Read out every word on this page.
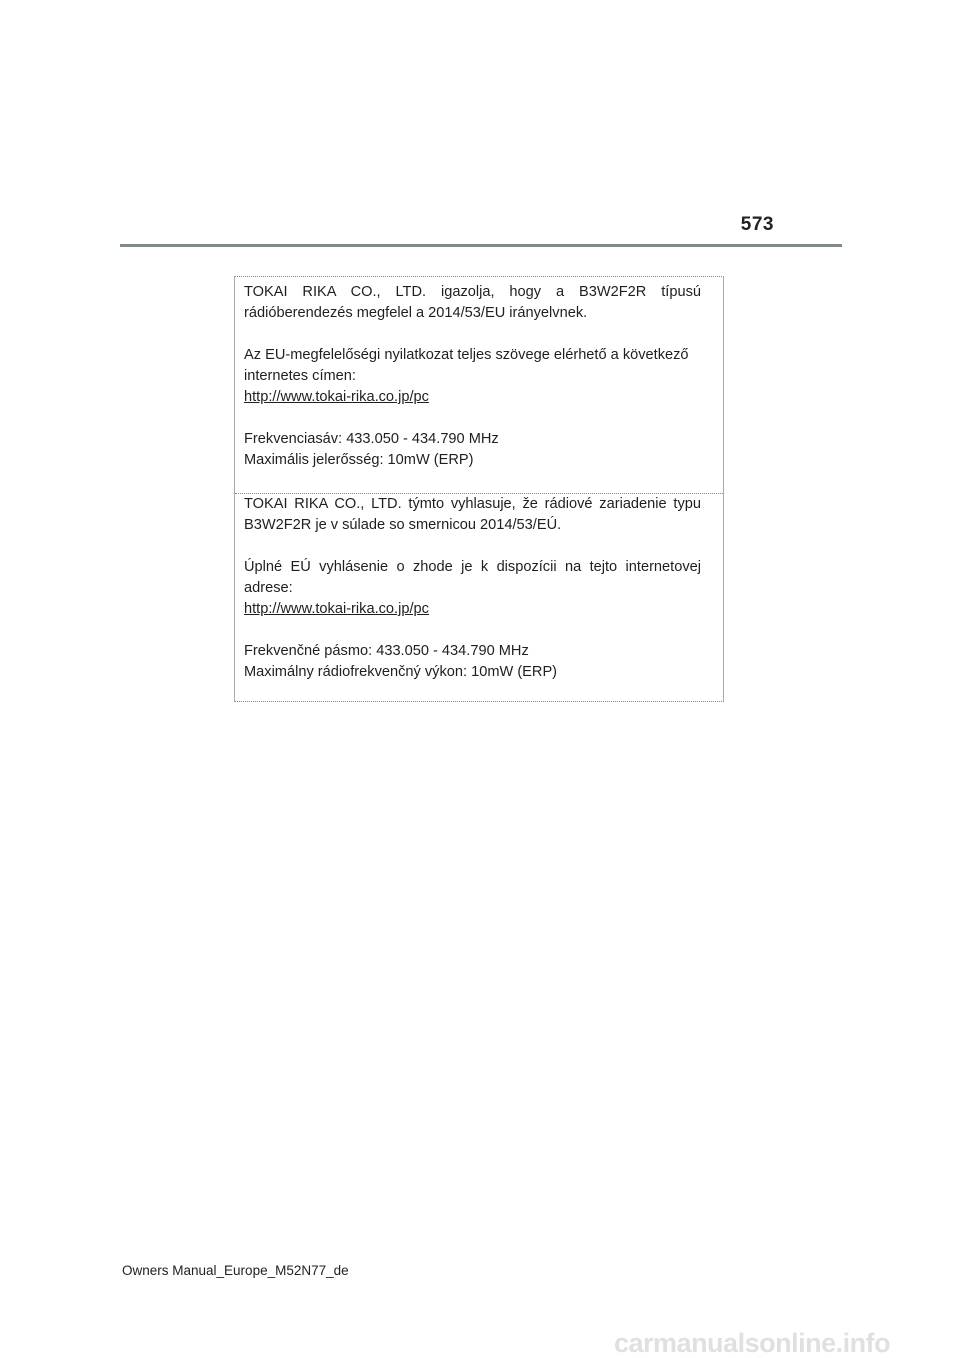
573

TOKAI RIKA CO., LTD. igazolja, hogy a B3W2F2R típusú
rádióberendezés megfelel a 2014/53/EU irányelvnek.

Az EU-megfelelőségi nyilatkozat teljes szövege elérhető a következő
internetes címen:
http://www.tokai-rika.co.jp/pc

Frekvenciasáv: 433.050 - 434.790 MHz
Maximális jelerősség: 10mW (ERP)

TOKAI RIKA CO., LTD. týmto vyhlasuje, že rádiové zariadenie typu
B3W2F2R je v súlade so smernicou 2014/53/EÚ.

Úplné EÚ vyhlásenie o zhode je k dispozícii na tejto internetovej
adrese:
http://www.tokai-rika.co.jp/pc

Frekvenčné pásmo: 433.050 - 434.790 MHz
Maximálny rádiofrekvenčný výkon: 10mW (ERP)

Owners Manual_Europe_M52N77_de
carmanualsonline.info
